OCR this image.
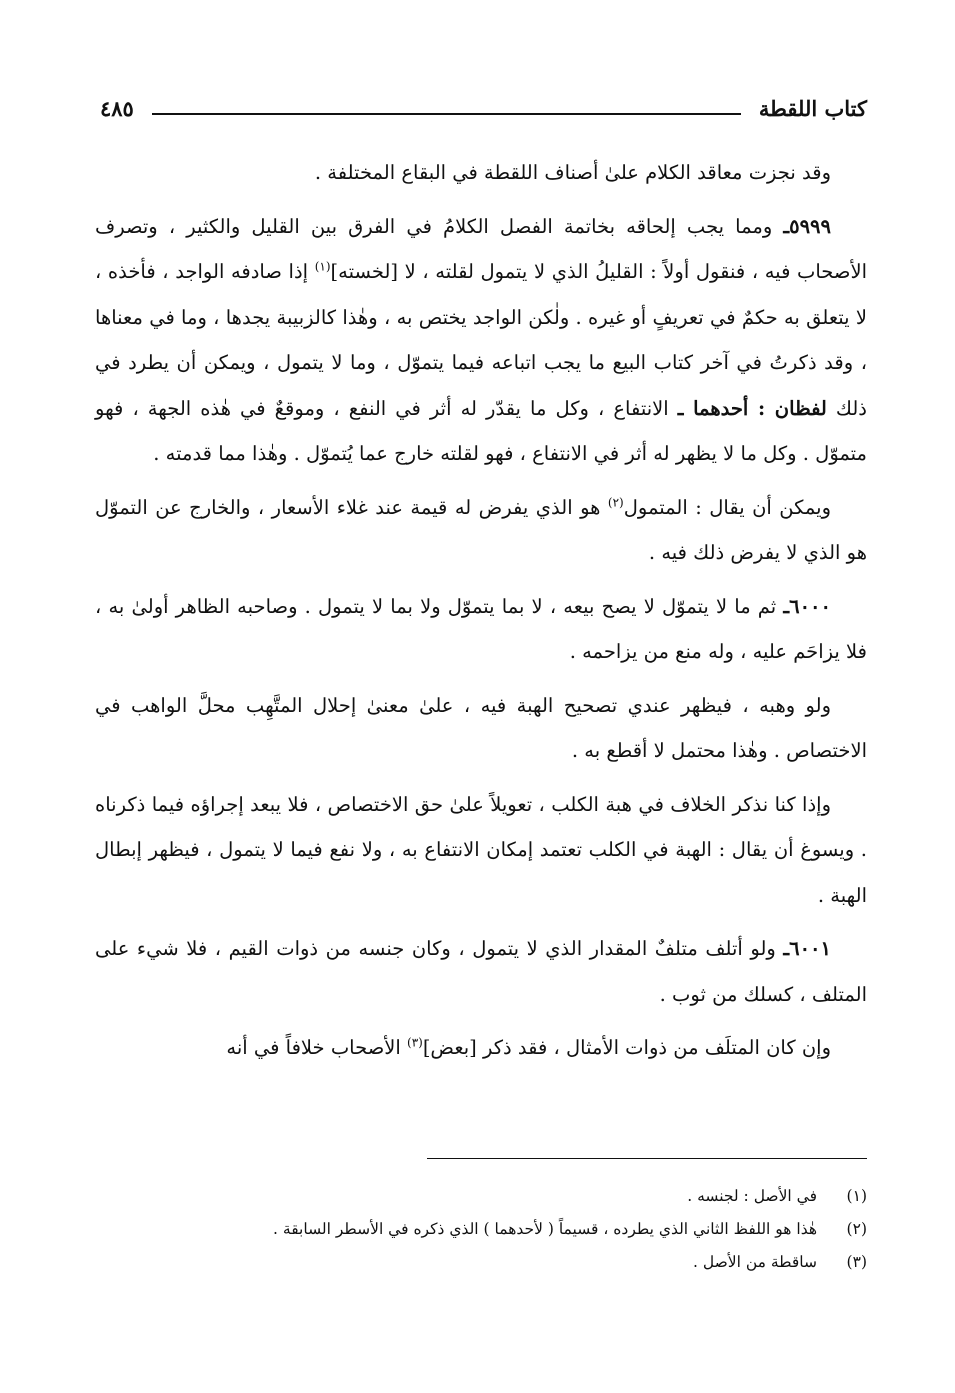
كتاب اللقطة
٤٨٥

وقد نجزت معاقد الكلام علىٰ أصناف اللقطة في البقاع المختلفة .

٥٩٩٩ـ ومما يجب إلحاقه بخاتمة الفصل الكلامُ في الفرق بين القليل والكثير ، وتصرف الأصحاب فيه ، فنقول أولاً : القليلُ الذي لا يتمول لقلته ، لا [لخسته]$^{(١)}$ إذا صادفه الواجد ، فأخذه ، لا يتعلق به حكمٌ في تعريفٍ أو غيره . ولٰكن الواجد يختص به ، وهٰذا كالزبيبة يجدها ، وما في معناها ، وقد ذكرتُ في آخر كتاب البيع ما يجب اتباعه فيما يتموّل ، وما لا يتمول ، ويمكن أن يطرد في ذلك لفظان : أحدهما ـ الانتفاع ، وكل ما يقدّر له أثر في النفع ، وموقعٌ في هٰذه الجهة ، فهو متموّل . وكل ما لا يظهر له أثر في الانتفاع ، فهو لقلته خارج عما يُتموّل . وهٰذا مما قدمته .

ويمكن أن يقال : المتمول$^{(٢)}$ هو الذي يفرض له قيمة عند غلاء الأسعار ، والخارج عن التموّل هو الذي لا يفرض ذلك فيه .

٦٠٠٠ـ ثم ما لا يتموّل لا يصح بيعه ، لا بما يتموّل ولا بما لا يتمول . وصاحبه الظاهر أولىٰ به ، فلا يزاحَم عليه ، وله منع من يزاحمه .

ولو وهبه ، فيظهر عندي تصحيح الهبة فيه ، علىٰ معنىٰ إحلال المتَّهِب محلَّ الواهب في الاختصاص . وهٰذا محتمل لا أقطع به .

وإذا كنا نذكر الخلاف في هبة الكلب ، تعويلاً علىٰ حق الاختصاص ، فلا يبعد إجراؤه فيما ذكرناه . ويسوغ أن يقال : الهبة في الكلب تعتمد إمكان الانتفاع به ، ولا نفع فيما لا يتمول ، فيظهر إبطال الهبة .

٦٠٠١ـ ولو أتلف متلفٌ المقدار الذي لا يتمول ، وكان جنسه من ذوات القيم ، فلا شيء على المتلف ، كسلك من ثوب .

وإن كان المتلَف من ذوات الأمثال ، فقد ذكر [بعض]$^{(٣)}$ الأصحاب خلافاً في أنه

(١)
في الأصل : لجنسه .
(٢)
هٰذا هو اللفظ الثاني الذي يطرده ، قسيماً ( لأحدهما ) الذي ذكره في الأسطر السابقة .
(٣)
ساقطة من الأصل .
